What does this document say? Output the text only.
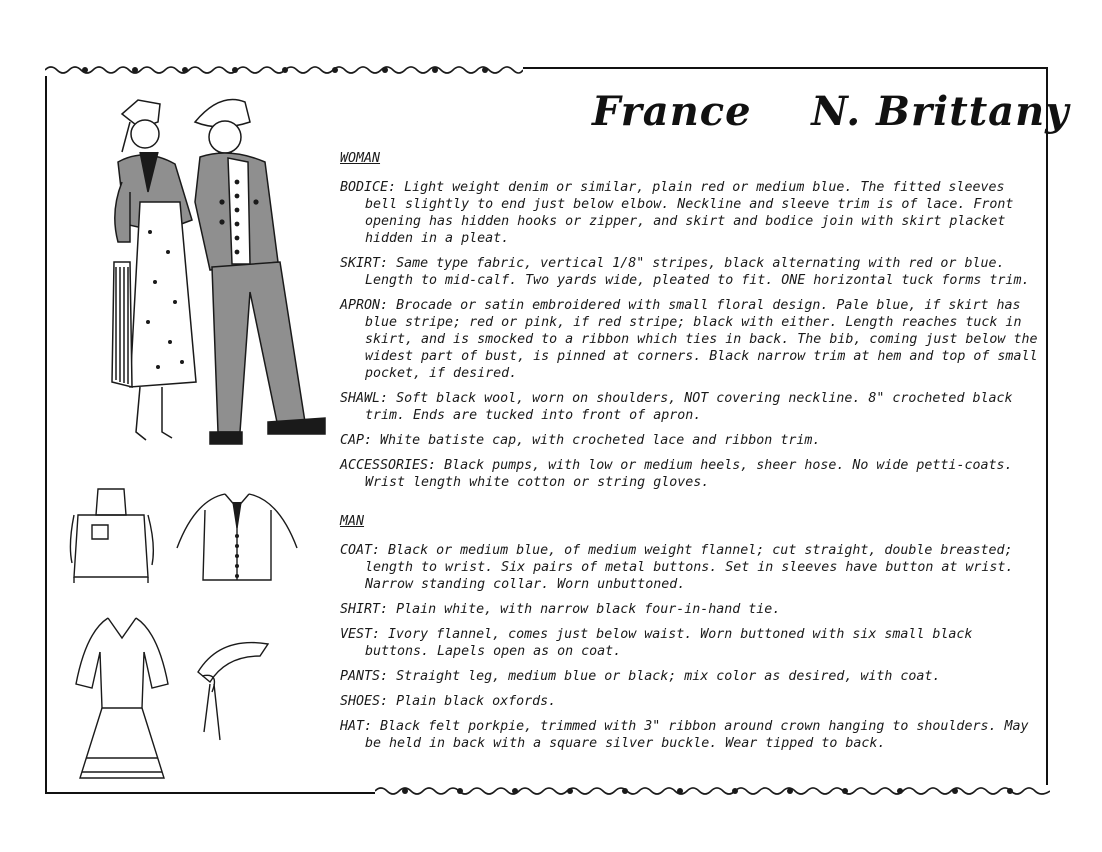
France    N. Brittany
WOMAN

BODICE: Light weight denim or similar, plain red or medium blue. The fitted sleeves bell slightly to end just below elbow. Neckline and sleeve trim is of lace. Front opening has hidden hooks or zipper, and skirt and bodice join with skirt placket hidden in a pleat.

SKIRT: Same type fabric, vertical 1/8" stripes, black alternating with red or blue. Length to mid-calf. Two yards wide, pleated to fit. ONE horizontal tuck forms trim.

APRON: Brocade or satin embroidered with small floral design. Pale blue, if skirt has blue stripe; red or pink, if red stripe; black with either. Length reaches tuck in skirt, and is smocked to a ribbon which ties in back. The bib, coming just below the widest part of bust, is pinned at corners. Black narrow trim at hem and top of small pocket, if desired.

SHAWL: Soft black wool, worn on shoulders, NOT covering neckline. 8" crocheted black trim. Ends are tucked into front of apron.

CAP: White batiste cap, with crocheted lace and ribbon trim.

ACCESSORIES: Black pumps, with low or medium heels, sheer hose. No wide petti-coats. Wrist length white cotton or string gloves.

MAN

COAT: Black or medium blue, of medium weight flannel; cut straight, double breasted; length to wrist. Six pairs of metal buttons. Set in sleeves have button at wrist. Narrow standing collar. Worn unbuttoned.

SHIRT: Plain white, with narrow black four-in-hand tie.

VEST: Ivory flannel, comes just below waist. Worn buttoned with six small black buttons. Lapels open as on coat.

PANTS: Straight leg, medium blue or black; mix color as desired, with coat.

SHOES: Plain black oxfords.

HAT: Black felt porkpie, trimmed with 3" ribbon around crown hanging to shoulders. May be held in back with a square silver buckle. Wear tipped to back.
